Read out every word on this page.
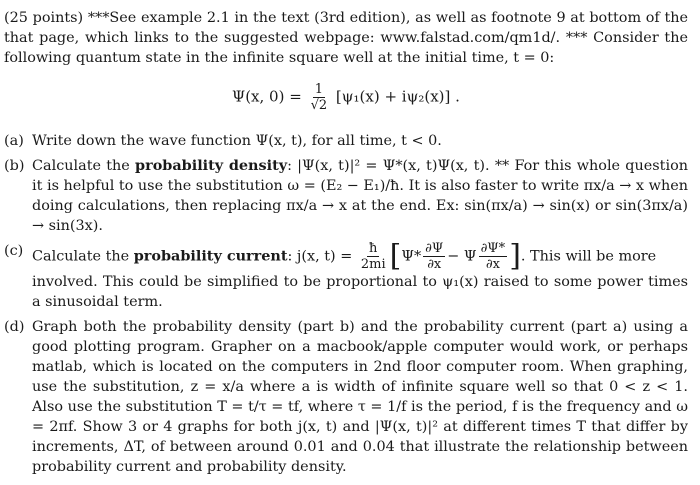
(25 points) ***See example 2.1 in the text (3rd edition), as well as footnote 9 at bottom of the that page, which links to the suggested webpage: www.falstad.com/qm1d/. *** Consider the following quantum state in the infinite square well at the initial time, t = 0:

Ψ(x, $0) = \frac{1}{√2} [\psi_1(x) + i\psi_2(x)]$ .
(a) Write down the wave function Ψ(x, t), for all time, t < 0.
(b) Calculate the probability density: |Ψ(x, t)|² = Ψ*(x, t)Ψ(x, t). ** For this whole question it is helpful to use the substitution ω = (E₂ − E₁)/ħ. It is also faster to write πx/a → x when doing calculations, then replacing πx/a → x at the end. Ex: sin(πx/a) → sin(x) or sin(3πx/a) → sin(3x).
(c) Calculate the probability current: j(x, $t) = \frac{ħ}{2mi} [\Psi* \frac{\partial\Psi}{\partial x} - \Psi \frac{\partial\Psi*}{\partial x}$ ]. This will be more
involved. This could be simplified to be proportional to ψ₁(x) raised to some power times a sinusoidal term.
(d) Graph both the probability density (part b) and the probability current (part a) using a good plotting program. Grapher on a macbook/apple computer would work, or perhaps matlab, which is located on the computers in 2nd floor computer room. When graphing, use the substitution, z = x/a where a is width of infinite square well so that 0 < z < 1. Also use the substitution T = t/τ = tf, where τ = 1/f is the period, f is the frequency and ω = 2πf. Show 3 or 4 graphs for both j(x, t) and |Ψ(x, t)|² at different times T that differ by increments, ΔT, of between around 0.01 and 0.04 that illustrate the relationship between probability current and probability density.
